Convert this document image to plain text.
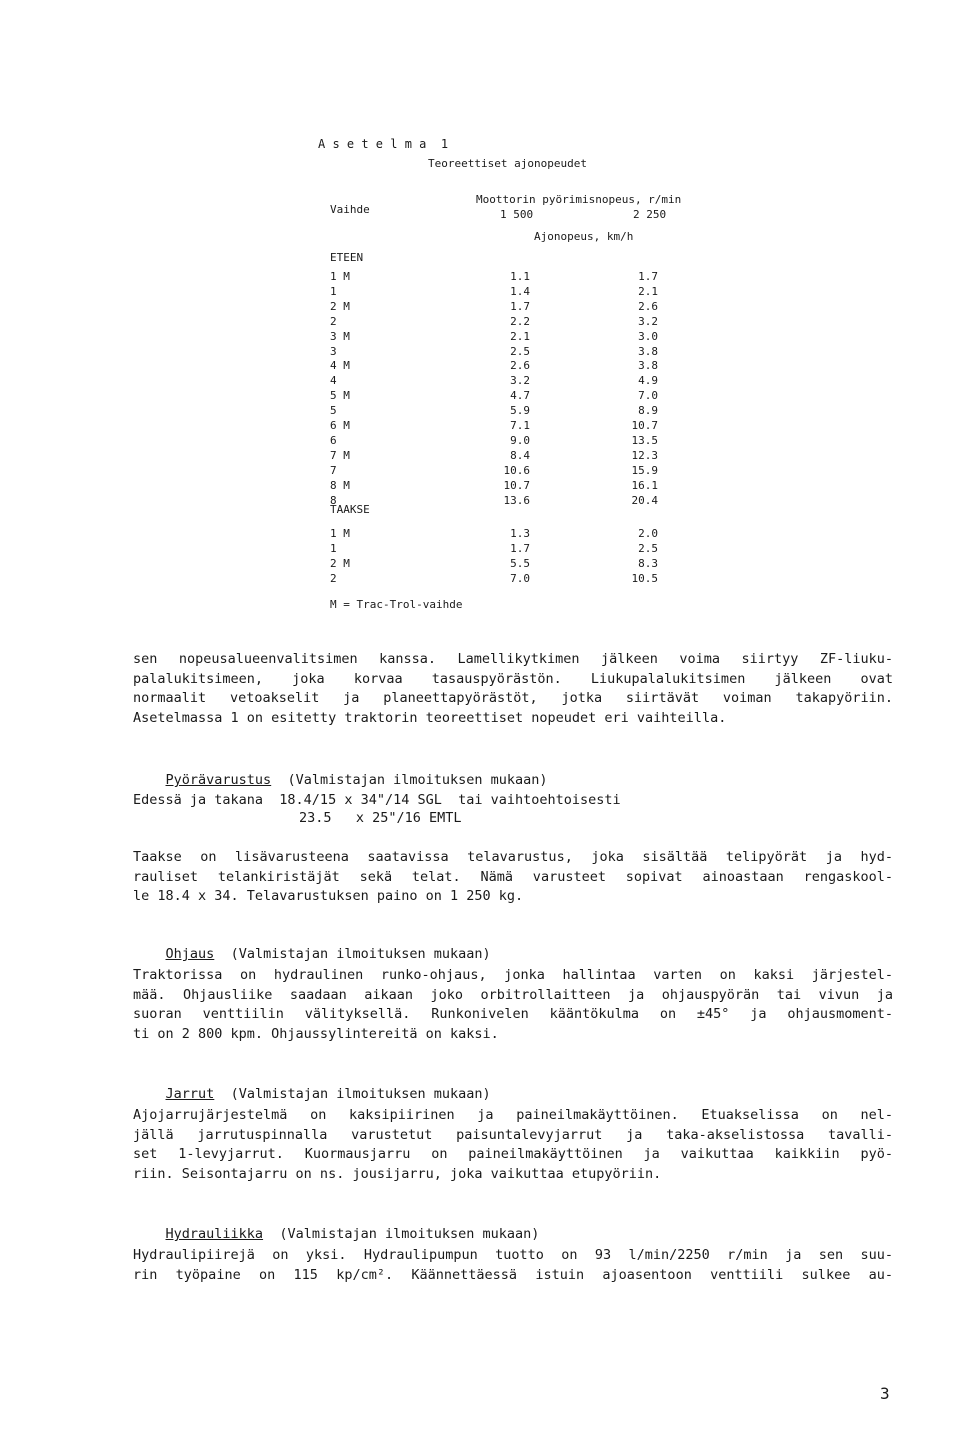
A s e t e l m a  1
Teoreettiset ajonopeudet
Moottorin pyörimisnopeus, r/min
Vaihde	1 500	2 250
Ajonopeus, km/h
ETEEN
1 M	1.1	1.7
1	1.4	2.1
2 M	1.7	2.6
2	2.2	3.2
3 M	2.1	3.0
3	2.5	3.8
4 M	2.6	3.8
4	3.2	4.9
5 M	4.7	7.0
5	5.9	8.9
6 M	7.1	10.7
6	9.0	13.5
7 M	8.4	12.3
7	10.6	15.9
8 M	10.7	16.1
8	13.6	20.4
TAAKSE
1 M	1.3	2.0
1	1.7	2.5
2 M	5.5	8.3
2	7.0	10.5
M = Trac-Trol-vaihde
sen nopeusalueenvalitsimen kanssa. Lamellikytkimen jälkeen voima siirtyy ZF-liuku-
palalukitsimeen, joka korvaa tasauspyörästön. Liukupalalukitsimen jälkeen ovat
normaalit vetoakselit ja planeettapyörästöt, jotka siirtävät voiman takapyöriin.
Asetelmassa 1 on esitetty traktorin teoreettiset nopeudet eri vaihteilla.

Pyörävarustus (Valmistajan ilmoituksen mukaan)

Edessä ja takana  18.4/15 x 34"/14 SGL  tai vaihtoehtoisesti
23.5   x 25"/16 EMTL
Taakse on lisävarusteena saatavissa telavarustus, joka sisältää telipyörät ja hyd-
rauliset telankiristäjät sekä telat. Nämä varusteet sopivat ainoastaan rengaskool-
le 18.4 x 34. Telavarustuksen paino on 1 250 kg.

Ohjaus (Valmistajan ilmoituksen mukaan)

Traktorissa on hydraulinen runko-ohjaus, jonka hallintaa varten on kaksi järjestel-
mää. Ohjausliike saadaan aikaan joko orbitrollaitteen ja ohjauspyörän tai vivun ja
suoran venttiilin välityksellä. Runkonivelen kääntökulma on ±45° ja ohjausmoment-
ti on 2 800 kpm. Ohjaussylintereitä on kaksi.

Jarrut (Valmistajan ilmoituksen mukaan)

Ajojarrujärjestelmä on kaksipiirinen ja paineilmakäyttöinen. Etuakselissa on nel-
jällä jarrutuspinnalla varustetut paisuntalevyjarrut ja taka-akselistossa tavalli-
set 1-levyjarrut. Kuormausjarru on paineilmakäyttöinen ja vaikuttaa kaikkiin pyö-
riin. Seisontajarru on ns. jousijarru, joka vaikuttaa etupyöriin.

Hydrauliikka (Valmistajan ilmoituksen mukaan)

Hydraulipiirejä on yksi. Hydraulipumpun tuotto on 93 l/min/2250 r/min ja sen suu-
rin työpaine on 115 kp/cm². Käännettäessä istuin ajoasentoon venttiili sulkee au-
3
